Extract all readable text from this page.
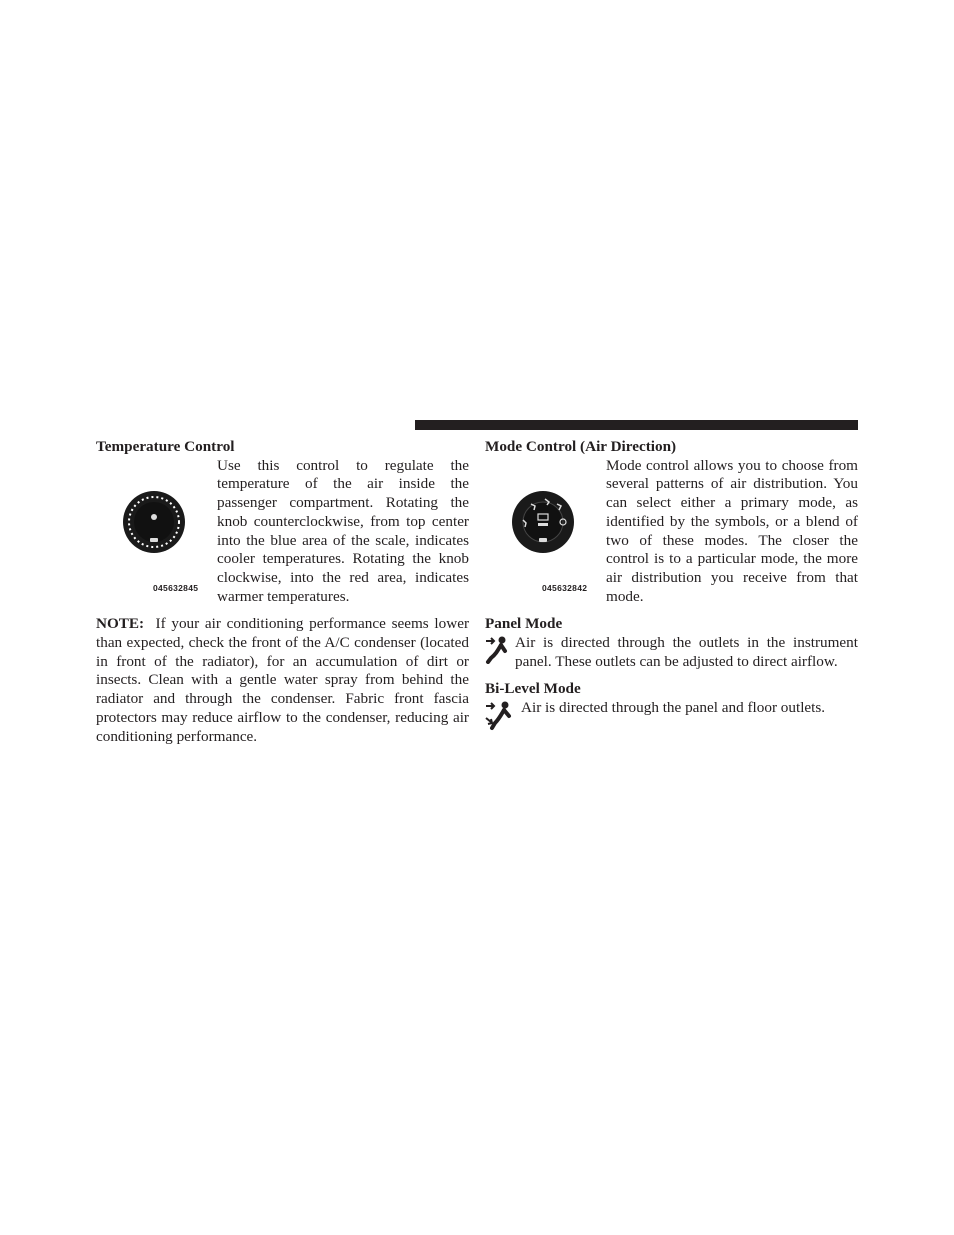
Temperature Control
045632845

Use this control to regulate the temperature of the air inside the passenger compartment. Rotating the knob counterclockwise, from top center into the blue area of the scale, indicates cooler temperatures. Rotating the knob clockwise, into the red area, indicates warmer temperatures.

NOTE: If your air conditioning performance seems lower than expected, check the front of the A/C condenser (located in front of the radiator), for an accumulation of dirt or insects. Clean with a gentle water spray from behind the radiator and through the condenser. Fabric front fascia protectors may reduce airflow to the condenser, reducing air conditioning performance.

Mode Control (Air Direction)
045632842

Mode control allows you to choose from several patterns of air distribution. You can select either a primary mode, as identified by the symbols, or a blend of two of these modes. The closer the control is to a particular mode, the more air distribution you receive from that mode.

Panel Mode

Air is directed through the outlets in the instrument panel. These outlets can be adjusted to direct airflow.

Bi-Level Mode

Air is directed through the panel and floor outlets.
